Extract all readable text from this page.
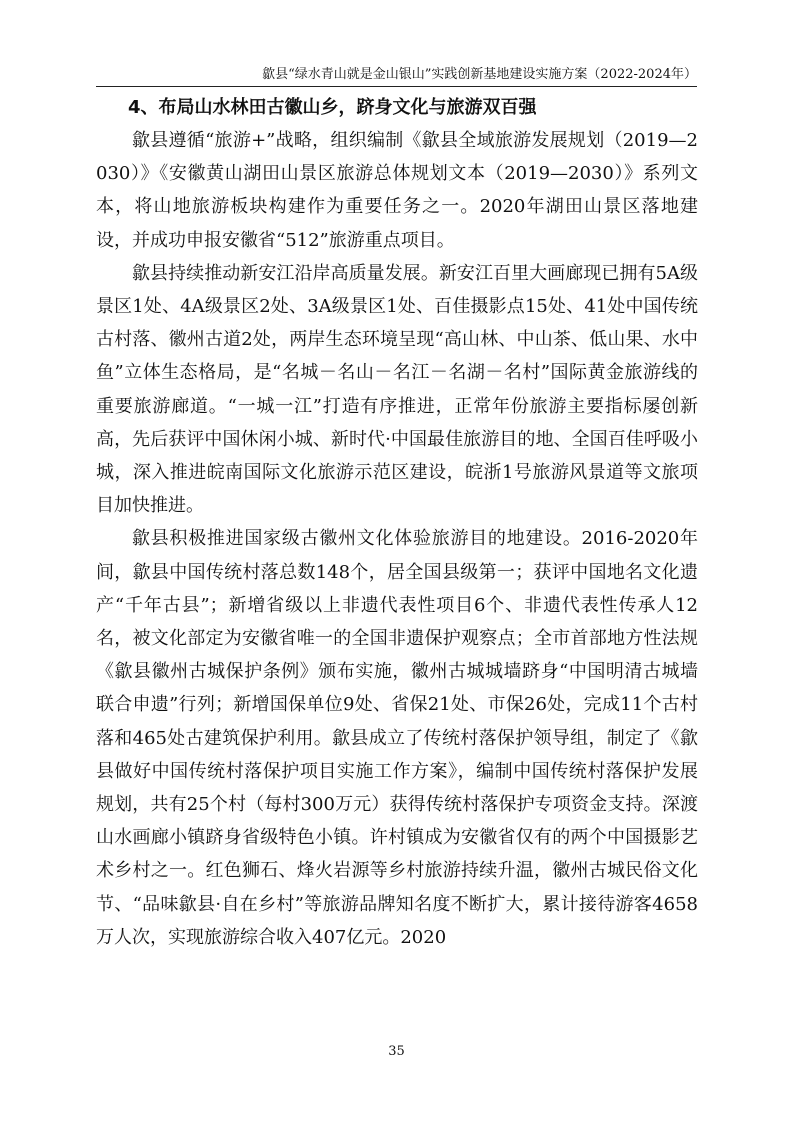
歙县“绿水青山就是金山银山”实践创新基地建设实施方案（2022-2024年）
4、布局山水林田古徽山乡，跻身文化与旅游双百强

歙县遵循“旅游+”战略，组织编制《歙县全域旅游发展规划（2019—2030）》《安徽黄山湖田山景区旅游总体规划文本（2019—2030）》系列文本，将山地旅游板块构建作为重要任务之一。2020年湖田山景区落地建设，并成功申报安徽省“512”旅游重点项目。

歙县持续推动新安江沿岸高质量发展。新安江百里大画廊现已拥有5A级景区1处、4A级景区2处、3A级景区1处、百佳摄影点15处、41处中国传统古村落、徽州古道2处，两岸生态环境呈现“高山林、中山茶、低山果、水中鱼”立体生态格局，是“名城－名山－名江－名湖－名村”国际黄金旅游线的重要旅游廊道。“一城一江”打造有序推进，正常年份旅游主要指标屡创新高，先后获评中国休闲小城、新时代·中国最佳旅游目的地、全国百佳呼吸小城，深入推进皖南国际文化旅游示范区建设，皖浙1号旅游风景道等文旅项目加快推进。

歙县积极推进国家级古徽州文化体验旅游目的地建设。2016-2020年间，歙县中国传统村落总数148个，居全国县级第一；获评中国地名文化遗产“千年古县”；新增省级以上非遗代表性项目6个、非遗代表性传承人12名，被文化部定为安徽省唯一的全国非遗保护观察点；全市首部地方性法规《歙县徽州古城保护条例》颁布实施，徽州古城城墙跻身“中国明清古城墙联合申遗”行列；新增国保单位9处、省保21处、市保26处，完成11个古村落和465处古建筑保护利用。歙县成立了传统村落保护领导组，制定了《歙县做好中国传统村落保护项目实施工作方案》，编制中国传统村落保护发展规划，共有25个村（每村300万元）获得传统村落保护专项资金支持。深渡山水画廊小镇跻身省级特色小镇。许村镇成为安徽省仅有的两个中国摄影艺术乡村之一。红色狮石、烽火岩源等乡村旅游持续升温，徽州古城民俗文化节、“品味歙县·自在乡村”等旅游品牌知名度不断扩大，累计接待游客4658万人次，实现旅游综合收入407亿元。2020

35
